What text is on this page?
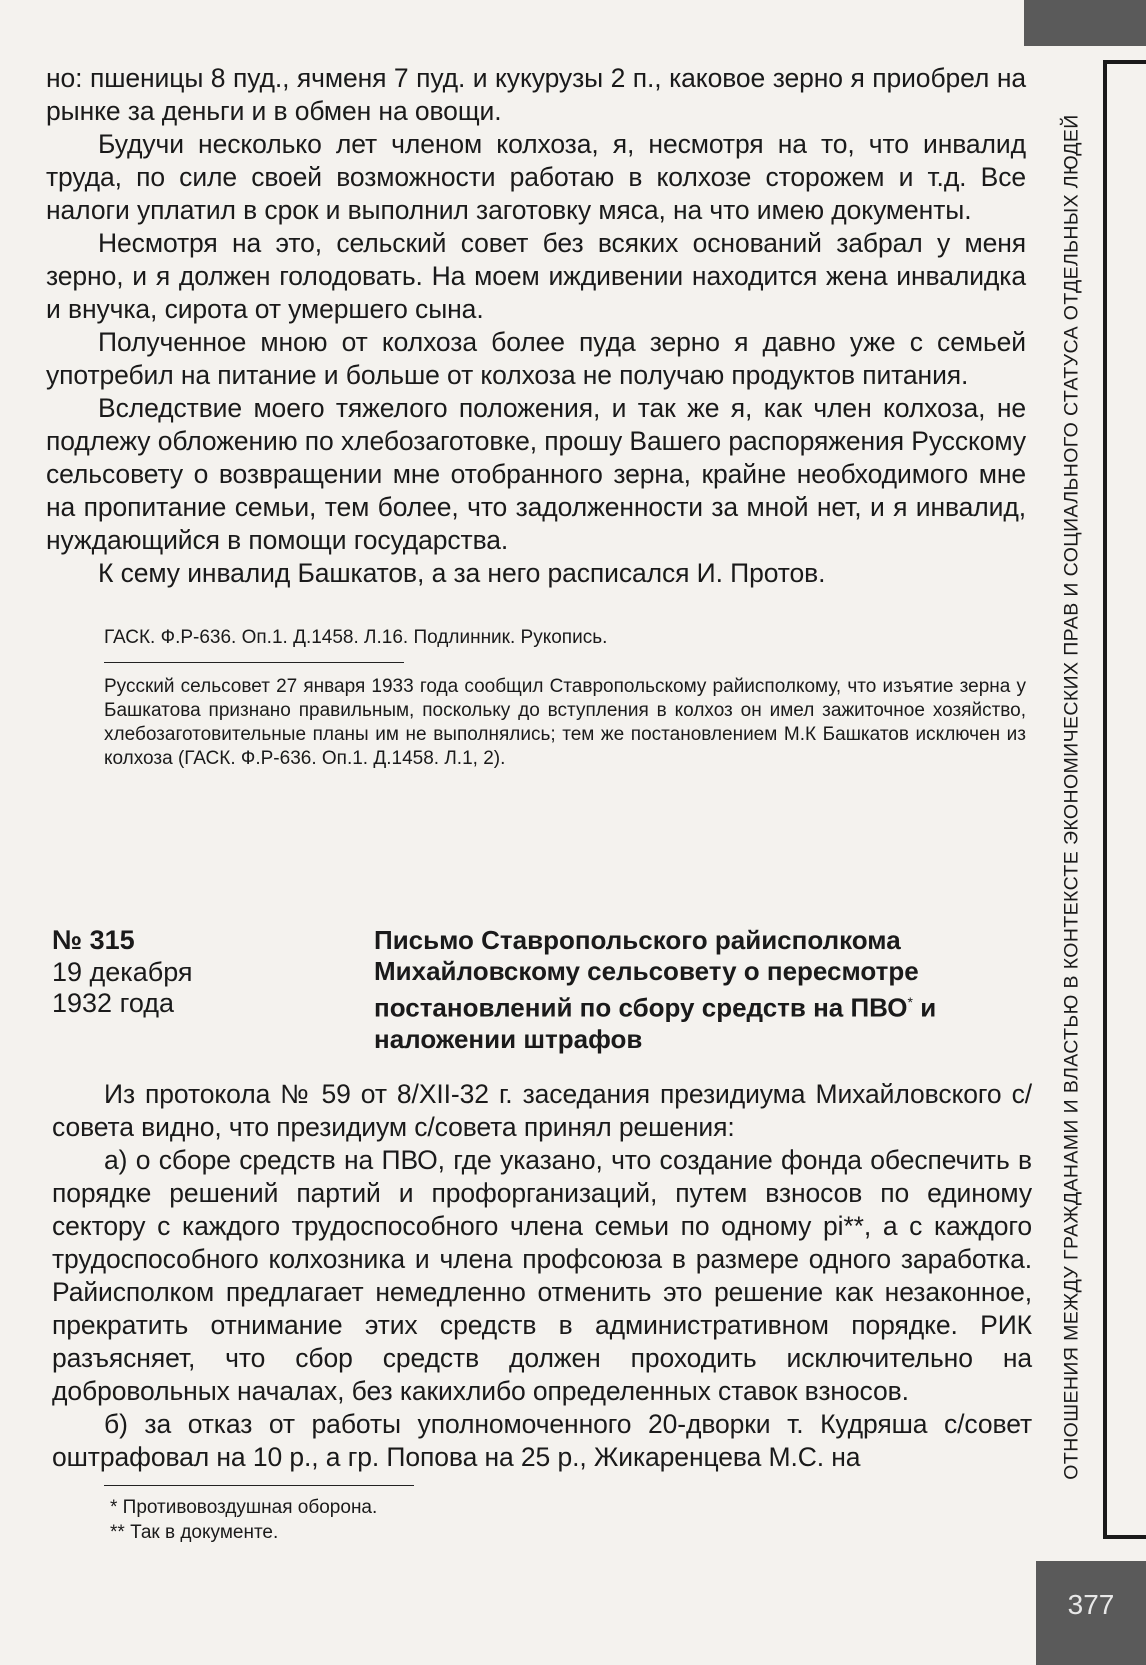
но: пшеницы 8 пуд., ячменя 7 пуд. и кукурузы 2 п., каковое зерно я приобрел на рынке за деньги и в обмен на овощи.

Будучи несколько лет членом колхоза, я, несмотря на то, что инвалид труда, по силе своей возможности работаю в колхозе сторожем и т.д. Все налоги уплатил в срок и выполнил заготовку мяса, на что имею документы.

Несмотря на это, сельский совет без всяких оснований забрал у меня зерно, и я должен голодовать. На моем иждивении находится жена инвалидка и внучка, сирота от умершего сына.

Полученное мною от колхоза более пуда зерно я давно уже с семьей употребил на питание и больше от колхоза не получаю продуктов питания.

Вследствие моего тяжелого положения, и так же я, как член колхоза, не подлежу обложению по хлебозаготовке, прошу Вашего распоряжения Русскому сельсовету о возвращении мне отобранного зерна, крайне необходимого мне на пропитание семьи, тем более, что задолженности за мной нет, и я инвалид, нуждающийся в помощи государства.

К сему инвалид Башкатов, а за него расписался И. Протов.

ГАСК. Ф.Р-636. Оп.1. Д.1458. Л.16. Подлинник. Рукопись.
Русский сельсовет 27 января 1933 года сообщил Ставропольскому райисполкому, что изъятие зерна у Башкатова признано правильным, поскольку до вступления в колхоз он имел зажиточное хозяйство, хлебозаготовительные планы им не выполнялись; тем же постановлением М.К Башкатов исключен из колхоза (ГАСК. Ф.Р-636. Оп.1. Д.1458. Л.1, 2).
№ 315
19 декабря
1932 года
Письмо Ставропольского райисполкома Михайловскому сельсовету о пересмотре постановлений по сбору средств на ПВО* и наложении штрафов

Из протокола № 59 от 8/XII-32 г. заседания президиума Михайловского с/совета видно, что президиум с/совета принял решения:

а) о сборе средств на ПВО, где указано, что создание фонда обеспечить в порядке решений партий и профорганизаций, путем взносов по единому сектору с каждого трудоспособного члена семьи по одному рі**, а с каждого трудоспособного колхозника и члена профсоюза в размере одного заработка. Райисполком предлагает немедленно отменить это решение как незаконное, прекратить отнимание этих средств в административном порядке. РИК разъясняет, что сбор средств должен проходить исключительно на добровольных началах, без какихлибо определенных ставок взносов.

б) за отказ от работы уполномоченного 20-дворки т. Кудряша с/совет оштрафовал на 10 р., а гр. Попова на 25 р., Жикаренцева М.С. на

* Противовоздушная оборона.
** Так в документе.
ОТНОШЕНИЯ МЕЖДУ ГРАЖДАНАМИ И ВЛАСТЬЮ В КОНТЕКСТЕ ЭКОНОМИЧЕСКИХ ПРАВ И СОЦИАЛЬНОГО СТАТУСА ОТДЕЛЬНЫХ ЛЮДЕЙ
377
